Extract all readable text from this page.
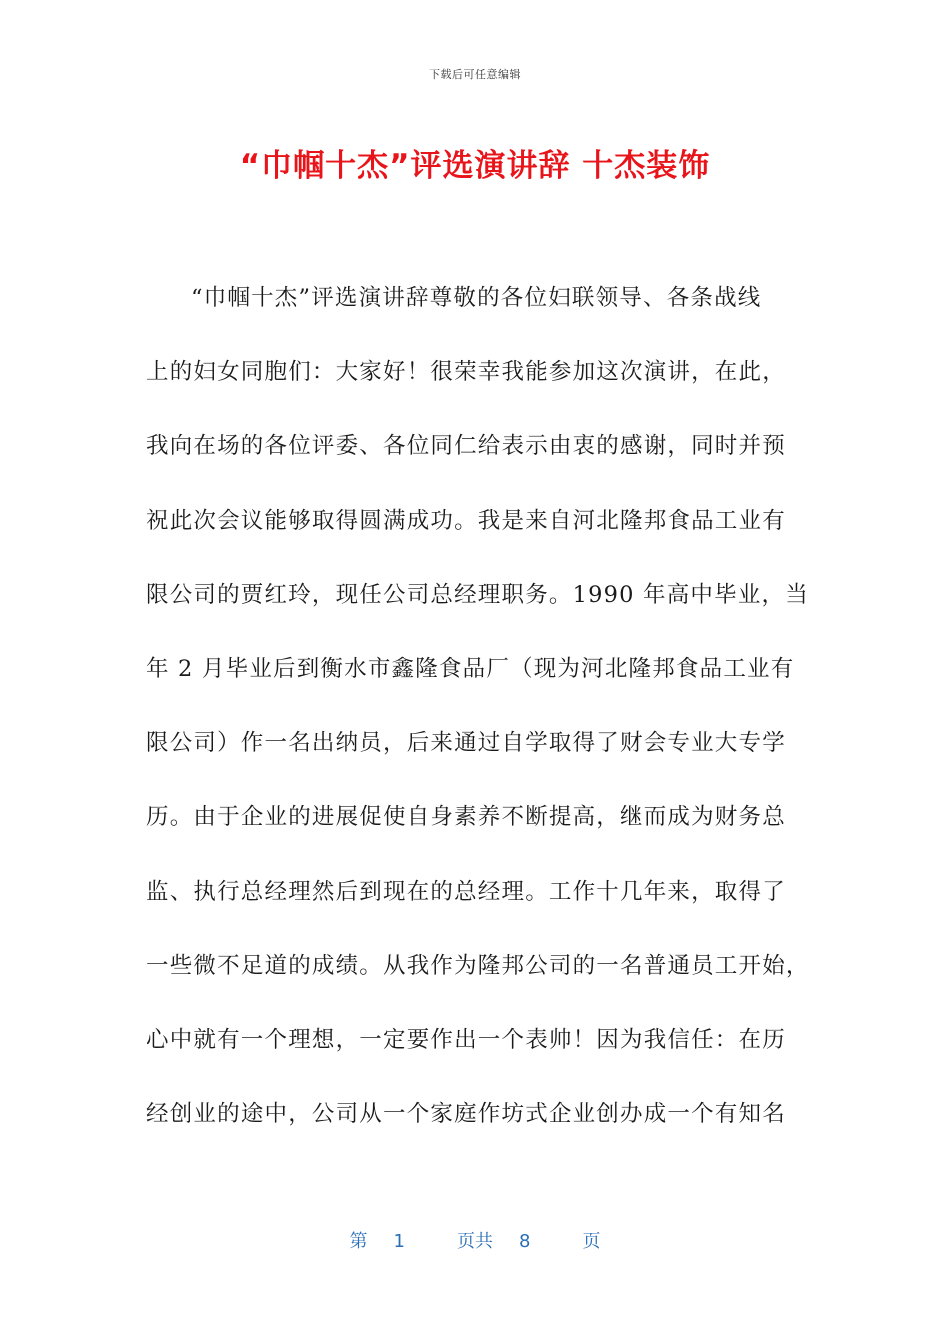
下载后可任意编辑
“巾帼十杰”评选演讲辞 十杰装饰
“巾帼十杰”评选演讲辞尊敬的各位妇联领导、各条战线
上的妇女同胞们：大家好！很荣幸我能参加这次演讲，在此，
我向在场的各位评委、各位同仁给表示由衷的感谢，同时并预
祝此次会议能够取得圆满成功。我是来自河北隆邦食品工业有
限公司的贾红玲，现任公司总经理职务。1990 年高中毕业，当
年 2 月毕业后到衡水市鑫隆食品厂（现为河北隆邦食品工业有
限公司）作一名出纳员，后来通过自学取得了财会专业大专学
历。由于企业的进展促使自身素养不断提高，继而成为财务总
监、执行总经理然后到现在的总经理。工作十几年来，取得了
一些微不足道的成绩。从我作为隆邦公司的一名普通员工开始，
心中就有一个理想，一定要作出一个表帅！因为我信任：在历
经创业的途中，公司从一个家庭作坊式企业创办成一个有知名
第 1	页共 8	页
